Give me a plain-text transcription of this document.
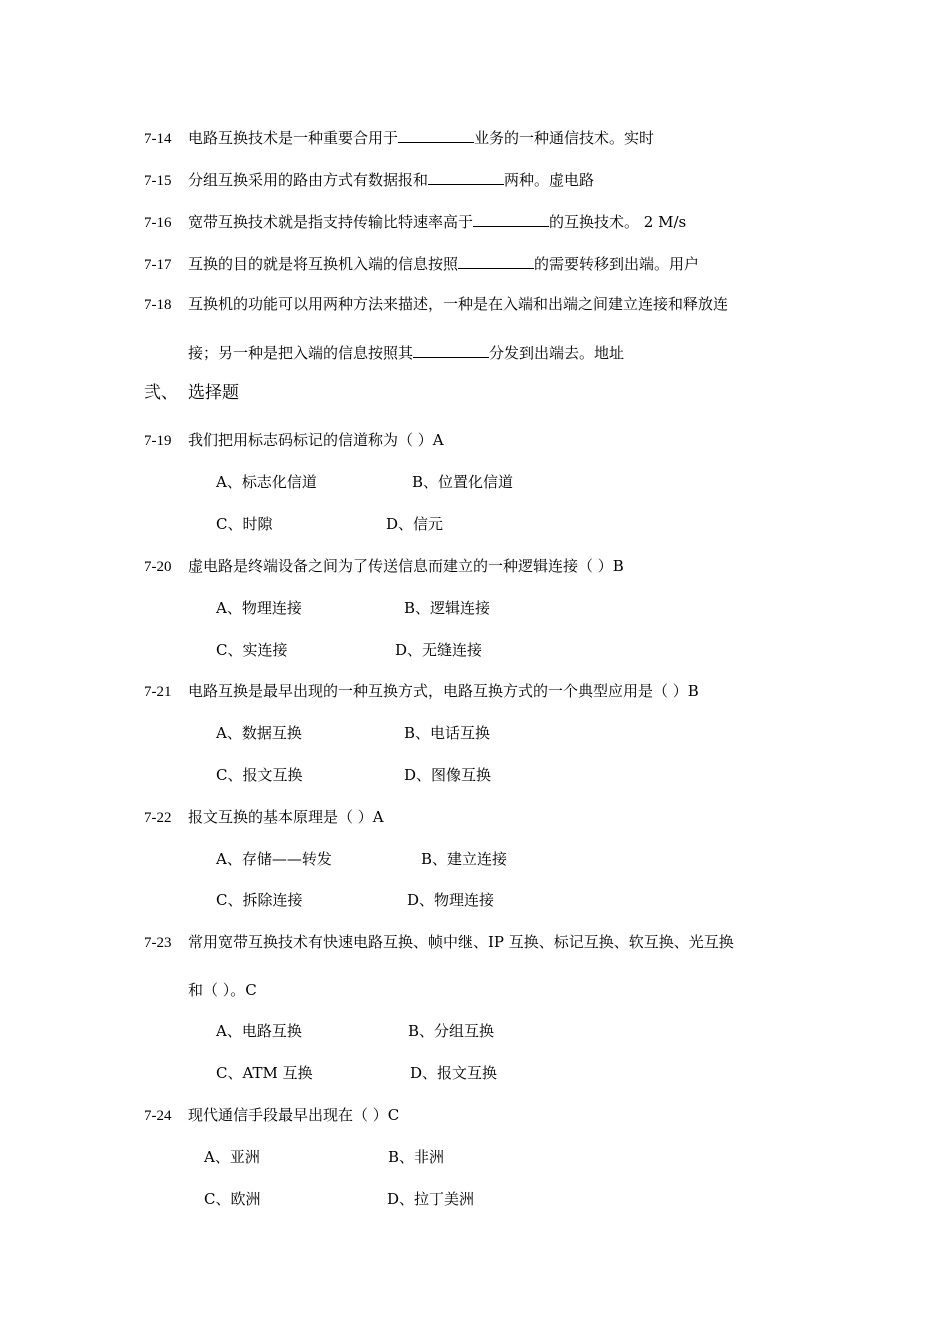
7-14 电路互换技术是一种重要合用于	业务的一种通信技术。实时
7-15 分组互换采用的路由方式有数据报和	两种。虚电路
7-16 宽带互换技术就是指支持传输比特速率高于	的互换技术。 2 M/s
7-17 互换的目的就是将互换机入端的信息按照	的需要转移到出端。用户
7-18 互换机的功能可以用两种方法来描述，一种是在入端和出端之间建立连接和释放连
接；另一种是把入端的信息按照其	分发到出端去。地址
弐、 选择题
7-19 我们把用标志码标记的信道称为（ ）A
A、标志化信道	B、位置化信道
C、时隙	D、信元
7-20 虚电路是终端设备之间为了传送信息而建立的一种逻辑连接（ ）B
A、物理连接	B、逻辑连接
C、实连接	D、无缝连接
7-21 电路互换是最早出现的一种互换方式，电路互换方式的一个典型应用是（ ）B
A、数据互换	B、电话互换
C、报文互换	D、图像互换
7-22 报文互换的基本原理是（ ）A
A、存储——转发	B、建立连接
C、拆除连接	D、物理连接
7-23 常用宽带互换技术有快速电路互换、帧中继、IP 互换、标记互换、软互换、光互换
和（ ）。C
A、电路互换	B、分组互换
C、ATM 互换	D、报文互换
7-24 现代通信手段最早出现在（ ）C
A、亚洲	B、非洲
C、欧洲	D、拉丁美洲
